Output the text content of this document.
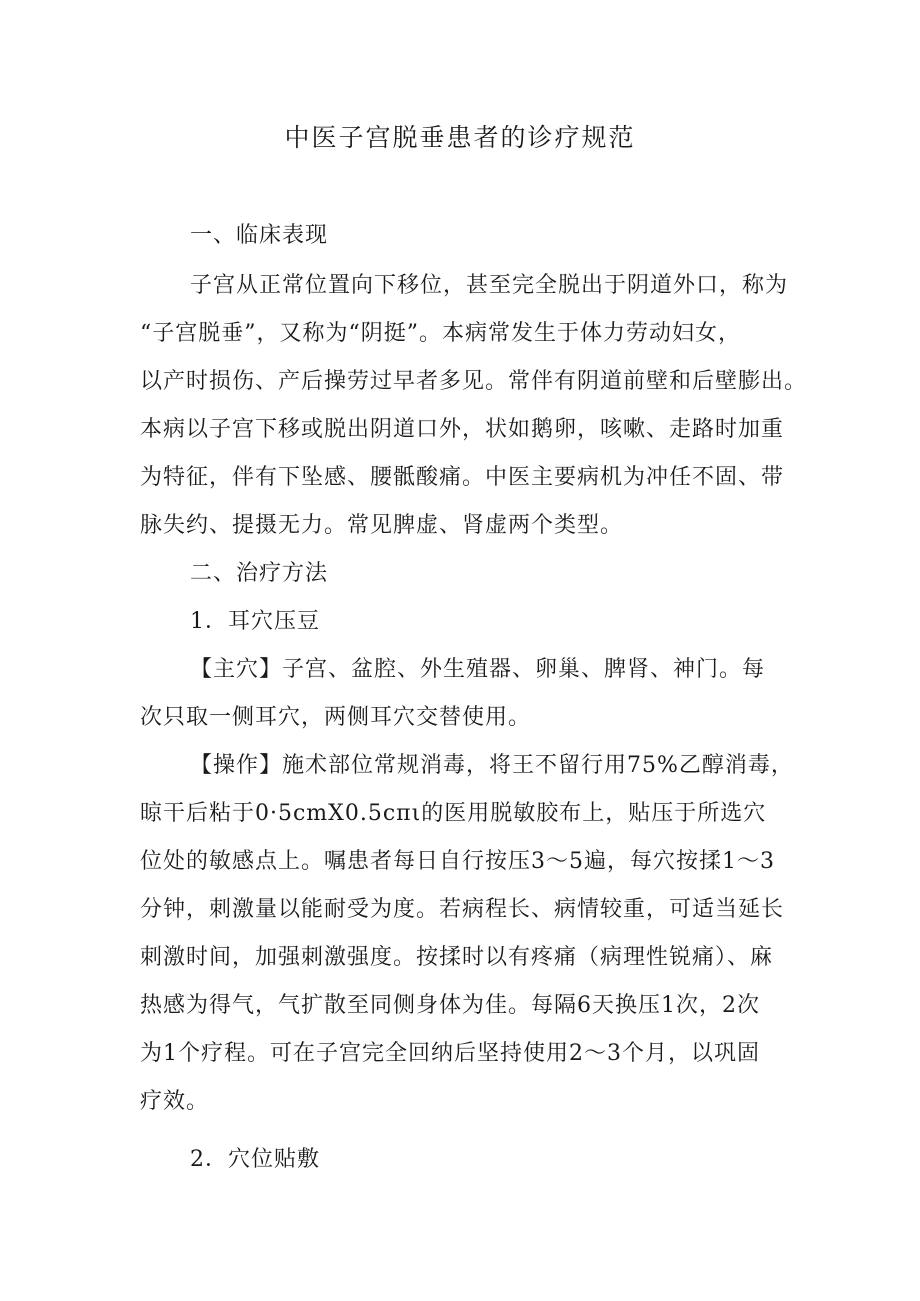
中医子宫脱垂患者的诊疗规范
一、临床表现
子宫从正常位置向下移位，甚至完全脱出于阴道外口，称为
“子宫脱垂”，又称为“阴挺”。本病常发生于体力劳动妇女，
以产时损伤、产后操劳过早者多见。常伴有阴道前壁和后壁膨出。
本病以子宫下移或脱出阴道口外，状如鹅卵，咳嗽、走路时加重
为特征，伴有下坠感、腰骶酸痛。中医主要病机为冲任不固、带
脉失约、提摄无力。常见脾虚、肾虚两个类型。
二、治疗方法
1．耳穴压豆
【主穴】子宫、盆腔、外生殖器、卵巢、脾肾、神门。每
次只取一侧耳穴，两侧耳穴交替使用。
【操作】施术部位常规消毒，将王不留行用75%乙醇消毒，
晾干后粘于0·5cmX0.5cπι的医用脱敏胶布上，贴压于所选穴
位处的敏感点上。嘱患者每日自行按压3～5遍，每穴按揉1～3
分钟，刺激量以能耐受为度。若病程长、病情较重，可适当延长
刺激时间，加强刺激强度。按揉时以有疼痛（病理性锐痛）、麻
热感为得气，气扩散至同侧身体为佳。每隔6天换压1次，2次
为1个疗程。可在子宫完全回纳后坚持使用2～3个月，以巩固
疗效。
2．穴位贴敷
